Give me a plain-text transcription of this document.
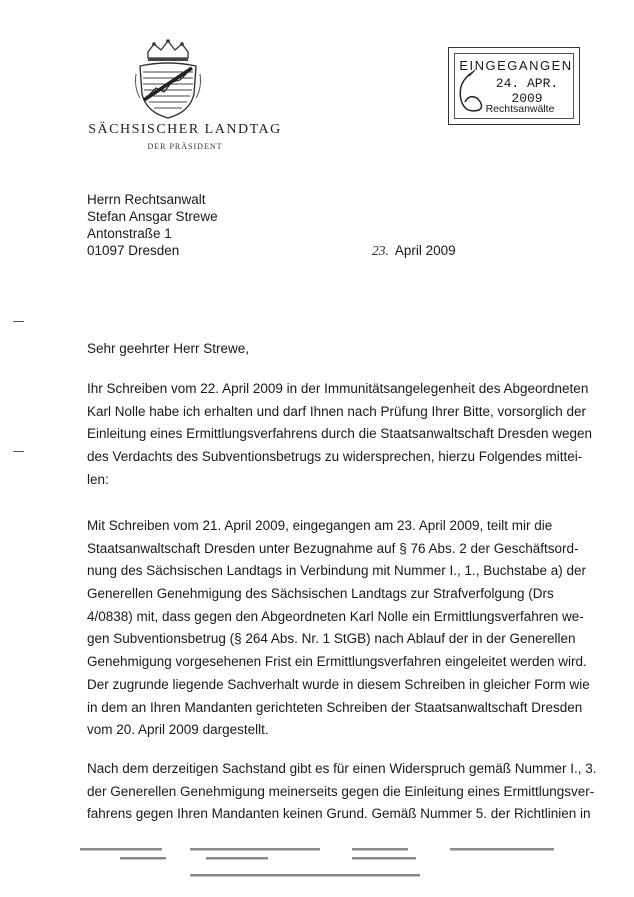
SÄCHSISCHER LANDTAG
DER PRÄSIDENT
EINGEGANGEN
24. APR. 2009
Rechtsanwälte
Herrn Rechtsanwalt
Stefan Ansgar Strewe
Antonstraße 1
01097 Dresden	23. April 2009
Sehr geehrter Herr Strewe,
Ihr Schreiben vom 22. April 2009 in der Immunitätsangelegenheit des Abgeordneten
Karl Nolle habe ich erhalten und darf Ihnen nach Prüfung Ihrer Bitte, vorsorglich der
Einleitung eines Ermittlungsverfahrens durch die Staatsanwaltschaft Dresden wegen
des Verdachts des Subventionsbetrugs zu widersprechen, hierzu Folgendes mittei-
len:
Mit Schreiben vom 21. April 2009, eingegangen am 23. April 2009, teilt mir die
Staatsanwaltschaft Dresden unter Bezugnahme auf § 76 Abs. 2 der Geschäftsord-
nung des Sächsischen Landtags in Verbindung mit Nummer I., 1., Buchstabe a) der
Generellen Genehmigung des Sächsischen Landtags zur Strafverfolgung (Drs
4/0838) mit, dass gegen den Abgeordneten Karl Nolle ein Ermittlungsverfahren we-
gen Subventionsbetrug (§ 264 Abs. Nr. 1 StGB) nach Ablauf der in der Generellen
Genehmigung vorgesehenen Frist ein Ermittlungsverfahren eingeleitet werden wird.
Der zugrunde liegende Sachverhalt wurde in diesem Schreiben in gleicher Form wie
in dem an Ihren Mandanten gerichteten Schreiben der Staatsanwaltschaft Dresden
vom 20. April 2009 dargestellt.
Nach dem derzeitigen Sachstand gibt es für einen Widerspruch gemäß Nummer I., 3.
der Generellen Genehmigung meinerseits gegen die Einleitung eines Ermittlungsver-
fahrens gegen Ihren Mandanten keinen Grund. Gemäß Nummer 5. der Richtlinien in
